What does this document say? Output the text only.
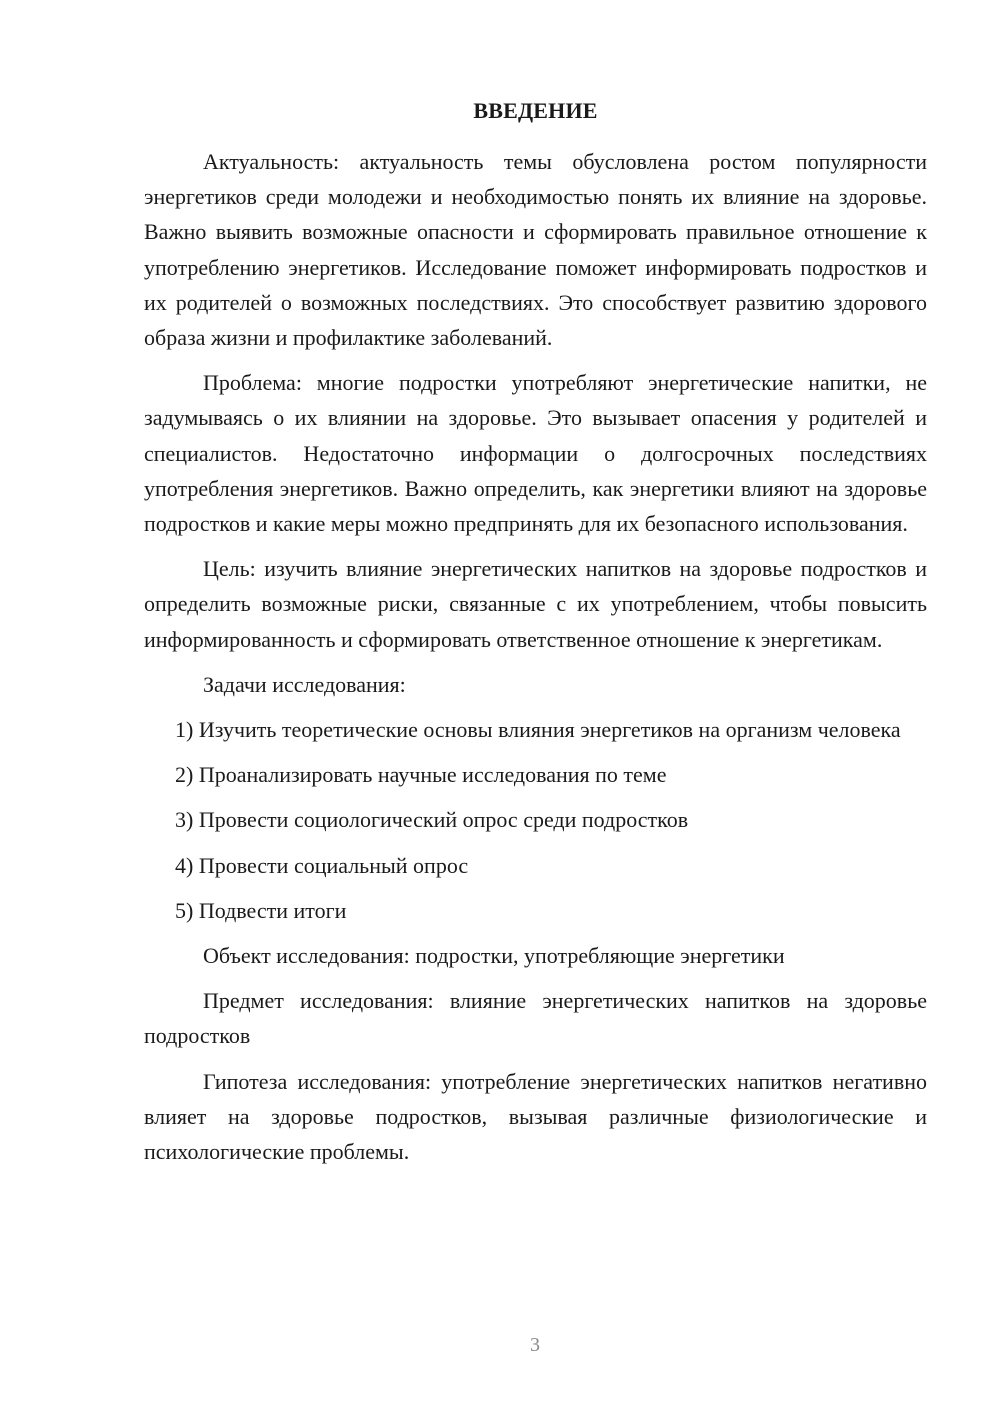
ВВЕДЕНИЕ

Актуальность: актуальность темы обусловлена ростом популярности энергетиков среди молодежи и необходимостью понять их влияние на здоровье. Важно выявить возможные опасности и сформировать правильное отношение к употреблению энергетиков. Исследование поможет информировать подростков и их родителей о возможных последствиях. Это способствует развитию здорового образа жизни и профилактике заболеваний.

Проблема: многие подростки употребляют энергетические напитки, не задумываясь о их влиянии на здоровье. Это вызывает опасения у родителей и специалистов. Недостаточно информации о долгосрочных последствиях употребления энергетиков. Важно определить, как энергетики влияют на здоровье подростков и какие меры можно предпринять для их безопасного использования.

Цель: изучить влияние энергетических напитков на здоровье подростков и определить возможные риски, связанные с их употреблением, чтобы повысить информированность и сформировать ответственное отношение к энергетикам.

Задачи исследования:

1) Изучить теоретические основы влияния энергетиков на организм человека

2) Проанализировать научные исследования по теме

3) Провести социологический опрос среди подростков

4) Провести социальный опрос

5) Подвести итоги

Объект исследования: подростки, употребляющие энергетики

Предмет исследования: влияние энергетических напитков на здоровье подростков

Гипотеза исследования: употребление энергетических напитков негативно влияет на здоровье подростков, вызывая различные физиологические и психологические проблемы.

3
